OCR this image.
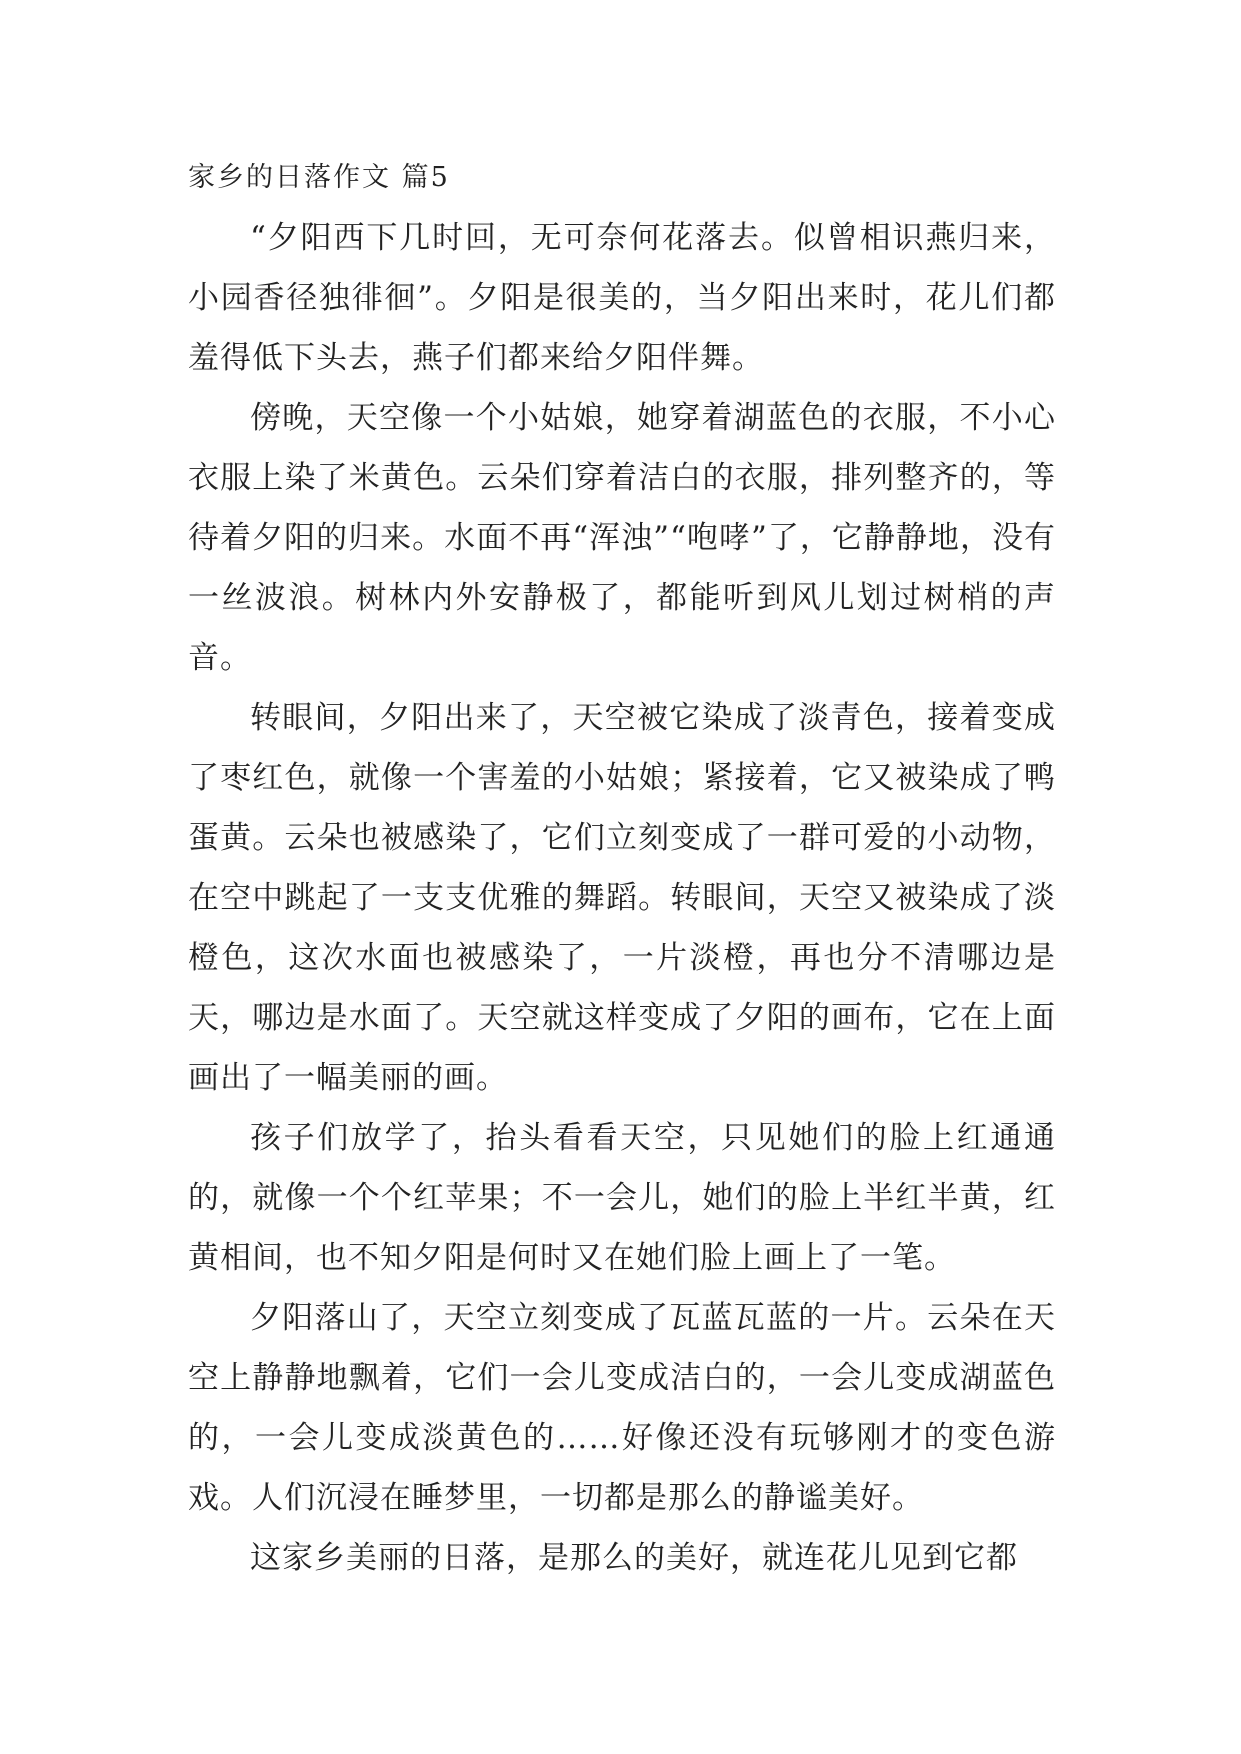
家乡的日落作文 篇5

“夕阳西下几时回，无可奈何花落去。似曾相识燕归来，小园香径独徘徊”。夕阳是很美的，当夕阳出来时，花儿们都羞得低下头去，燕子们都来给夕阳伴舞。

傍晚，天空像一个小姑娘，她穿着湖蓝色的衣服，不小心衣服上染了米黄色。云朵们穿着洁白的衣服，排列整齐的，等待着夕阳的归来。水面不再“浑浊”“咆哮”了，它静静地，没有一丝波浪。树林内外安静极了，都能听到风儿划过树梢的声音。

转眼间，夕阳出来了，天空被它染成了淡青色，接着变成了枣红色，就像一个害羞的小姑娘；紧接着，它又被染成了鸭蛋黄。云朵也被感染了，它们立刻变成了一群可爱的小动物，在空中跳起了一支支优雅的舞蹈。转眼间，天空又被染成了淡橙色，这次水面也被感染了，一片淡橙，再也分不清哪边是天，哪边是水面了。天空就这样变成了夕阳的画布，它在上面画出了一幅美丽的画。

孩子们放学了，抬头看看天空，只见她们的脸上红通通的，就像一个个红苹果；不一会儿，她们的脸上半红半黄，红黄相间，也不知夕阳是何时又在她们脸上画上了一笔。

夕阳落山了，天空立刻变成了瓦蓝瓦蓝的一片。云朵在天空上静静地飘着，它们一会儿变成洁白的，一会儿变成湖蓝色的，一会儿变成淡黄色的……好像还没有玩够刚才的变色游戏。人们沉浸在睡梦里，一切都是那么的静谧美好。

这家乡美丽的日落，是那么的美好，就连花儿见到它都
